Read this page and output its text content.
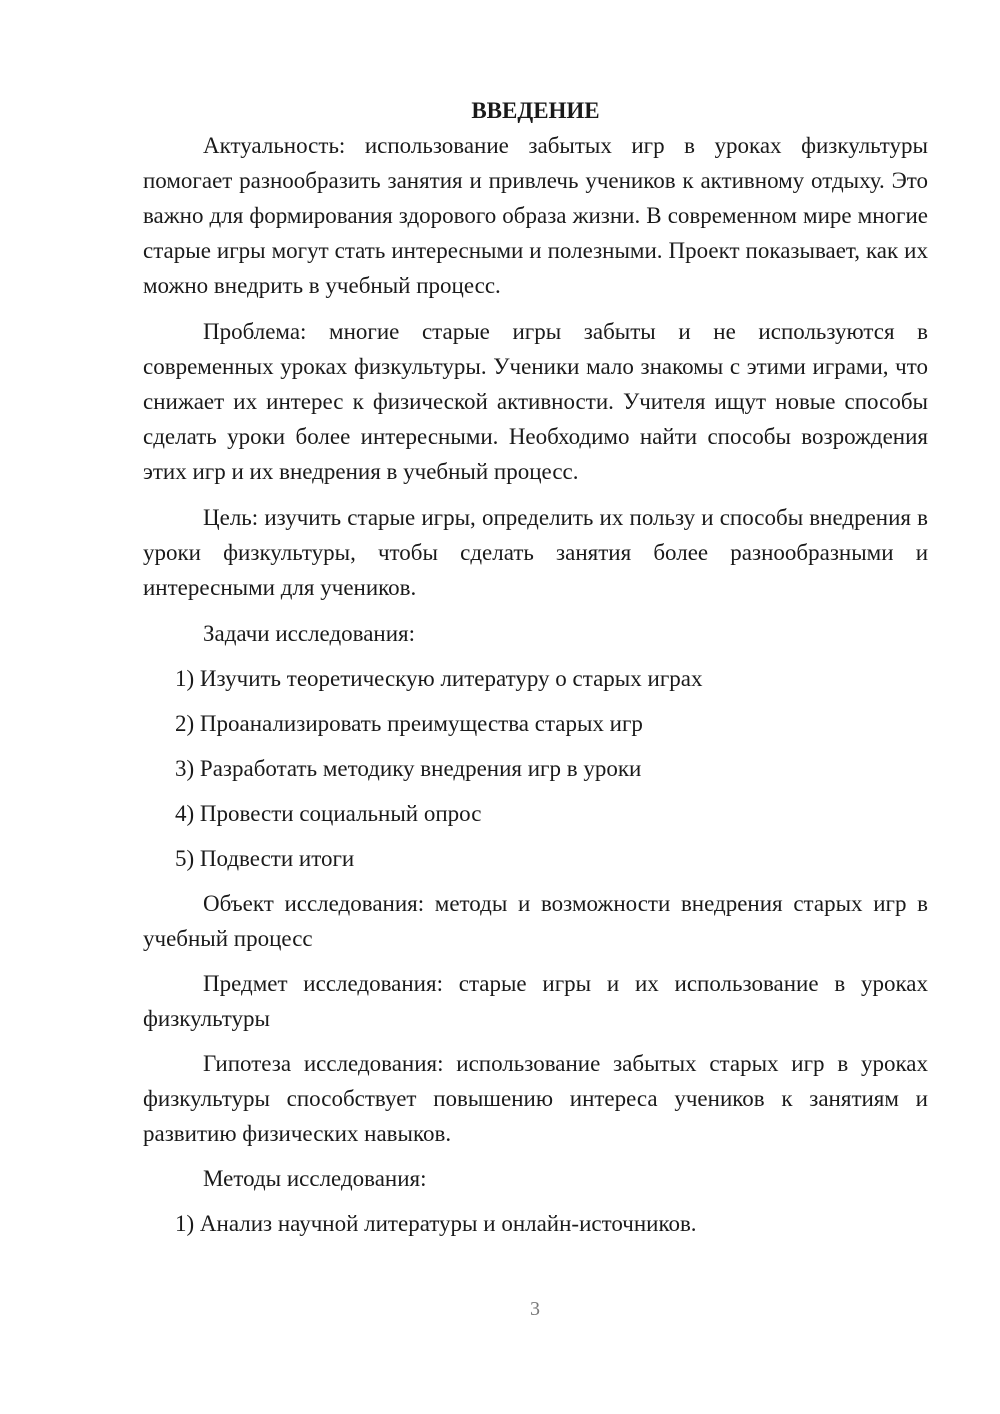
ВВЕДЕНИЕ

Актуальность: использование забытых игр в уроках физкультуры помогает разнообразить занятия и привлечь учеников к активному отдыху. Это важно для формирования здорового образа жизни. В современном мире многие старые игры могут стать интересными и полезными. Проект показывает, как их можно внедрить в учебный процесс.

Проблема: многие старые игры забыты и не используются в современных уроках физкультуры. Ученики мало знакомы с этими играми, что снижает их интерес к физической активности. Учителя ищут новые способы сделать уроки более интересными. Необходимо найти способы возрождения этих игр и их внедрения в учебный процесс.

Цель: изучить старые игры, определить их пользу и способы внедрения в уроки физкультуры, чтобы сделать занятия более разнообразными и интересными для учеников.

Задачи исследования:

1) Изучить теоретическую литературу о старых играх
2) Проанализировать преимущества старых игр
3) Разработать методику внедрения игр в уроки
4) Провести социальный опрос
5) Подвести итоги

Объект исследования: методы и возможности внедрения старых игр в учебный процесс

Предмет исследования: старые игры и их использование в уроках физкультуры

Гипотеза исследования: использование забытых старых игр в уроках физкультуры способствует повышению интереса учеников к занятиям и развитию физических навыков.

Методы исследования:

1) Анализ научной литературы и онлайн-источников.
3
